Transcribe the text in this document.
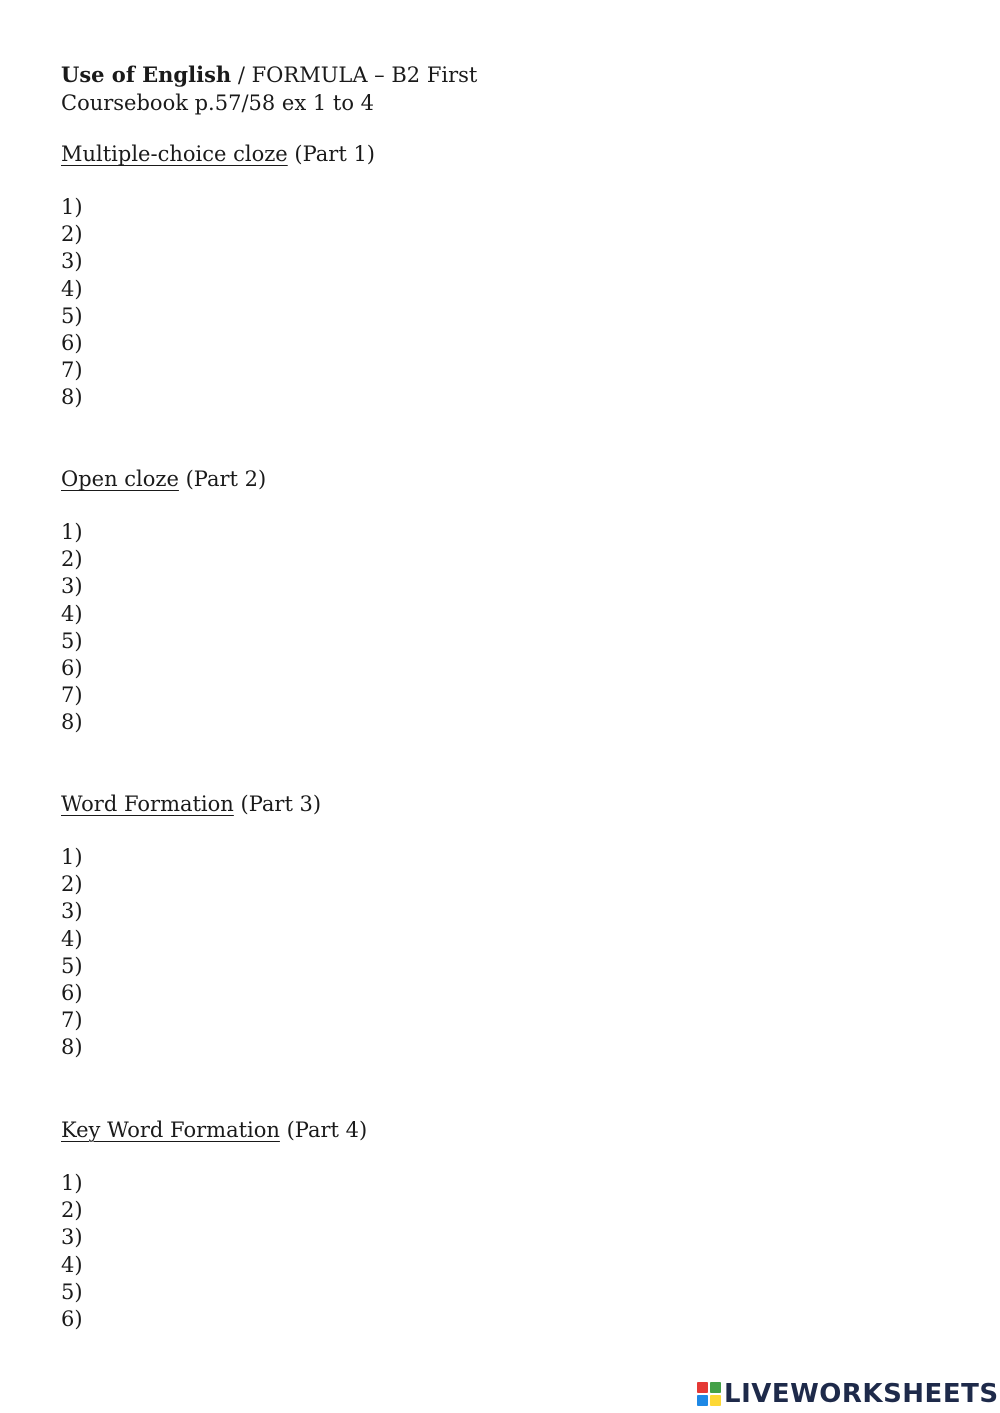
Use of English / FORMULA – B2 First
Coursebook p.57/58 ex 1 to 4
Multiple-choice cloze (Part 1)
1)
2)
3)
4)
5)
6)
7)
8)
Open cloze (Part 2)
1)
2)
3)
4)
5)
6)
7)
8)
Word Formation (Part 3)
1)
2)
3)
4)
5)
6)
7)
8)
Key Word Formation (Part 4)
1)
2)
3)
4)
5)
6)
LIVEWORKSHEETS
